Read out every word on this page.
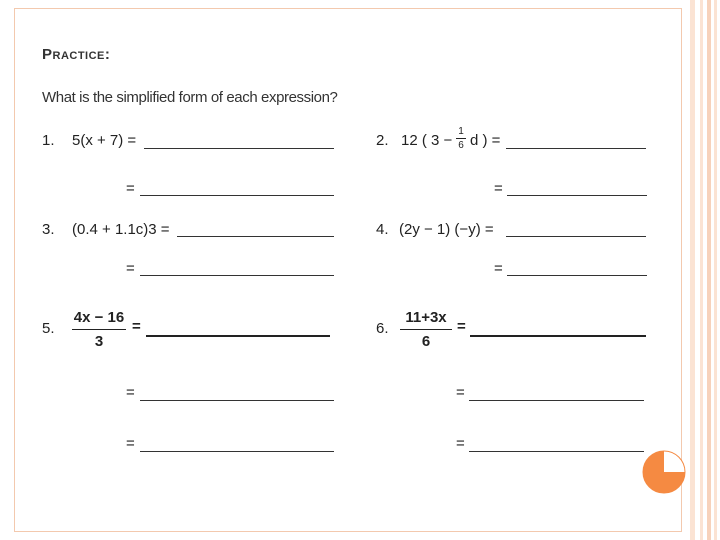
Practice:
What is the simplified form of each expression?
1. 5(x + 7) =
=
2. 12 ( 3 −
1
6 d ) =
=
3. (0.4 + 1.1c)3 =
=
4. (2y − 1) (−y) =
=
5.
4x − 16
3
=
=
=
6.
11+3x
6
=
=
=
